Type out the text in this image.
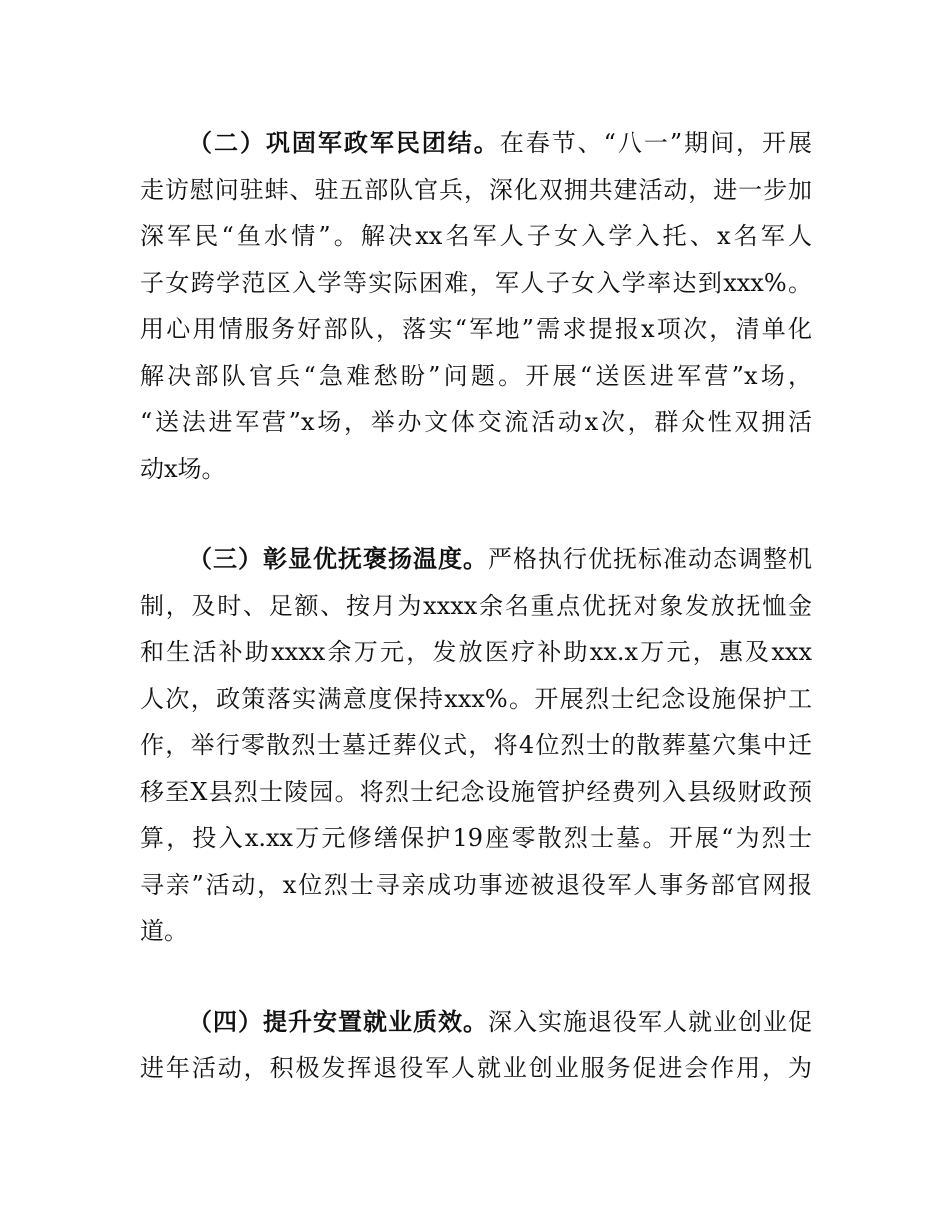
（二）巩固军政军民团结。在春节、“八一”期间，开展
走访慰问驻蚌、驻五部队官兵，深化双拥共建活动，进一步加
深军民“鱼水情”。解决xx名军人子女入学入托、x名军人
子女跨学范区入学等实际困难，军人子女入学率达到xxx%。
用心用情服务好部队，落实“军地”需求提报x项次，清单化
解决部队官兵“急难愁盼”问题。开展“送医进军营”x场，
“送法进军营”x场，举办文体交流活动x次，群众性双拥活
动x场。
（三）彰显优抚褒扬温度。严格执行优抚标准动态调整机
制，及时、足额、按月为xxxx余名重点优抚对象发放抚恤金
和生活补助xxxx余万元，发放医疗补助xx.x万元，惠及xxx
人次，政策落实满意度保持xxx%。开展烈士纪念设施保护工
作，举行零散烈士墓迁葬仪式，将4位烈士的散葬墓穴集中迁
移至X县烈士陵园。将烈士纪念设施管护经费列入县级财政预
算，投入x.xx万元修缮保护19座零散烈士墓。开展“为烈士
寻亲”活动，x位烈士寻亲成功事迹被退役军人事务部官网报
道。
（四）提升安置就业质效。深入实施退役军人就业创业促
进年活动，积极发挥退役军人就业创业服务促进会作用，为
